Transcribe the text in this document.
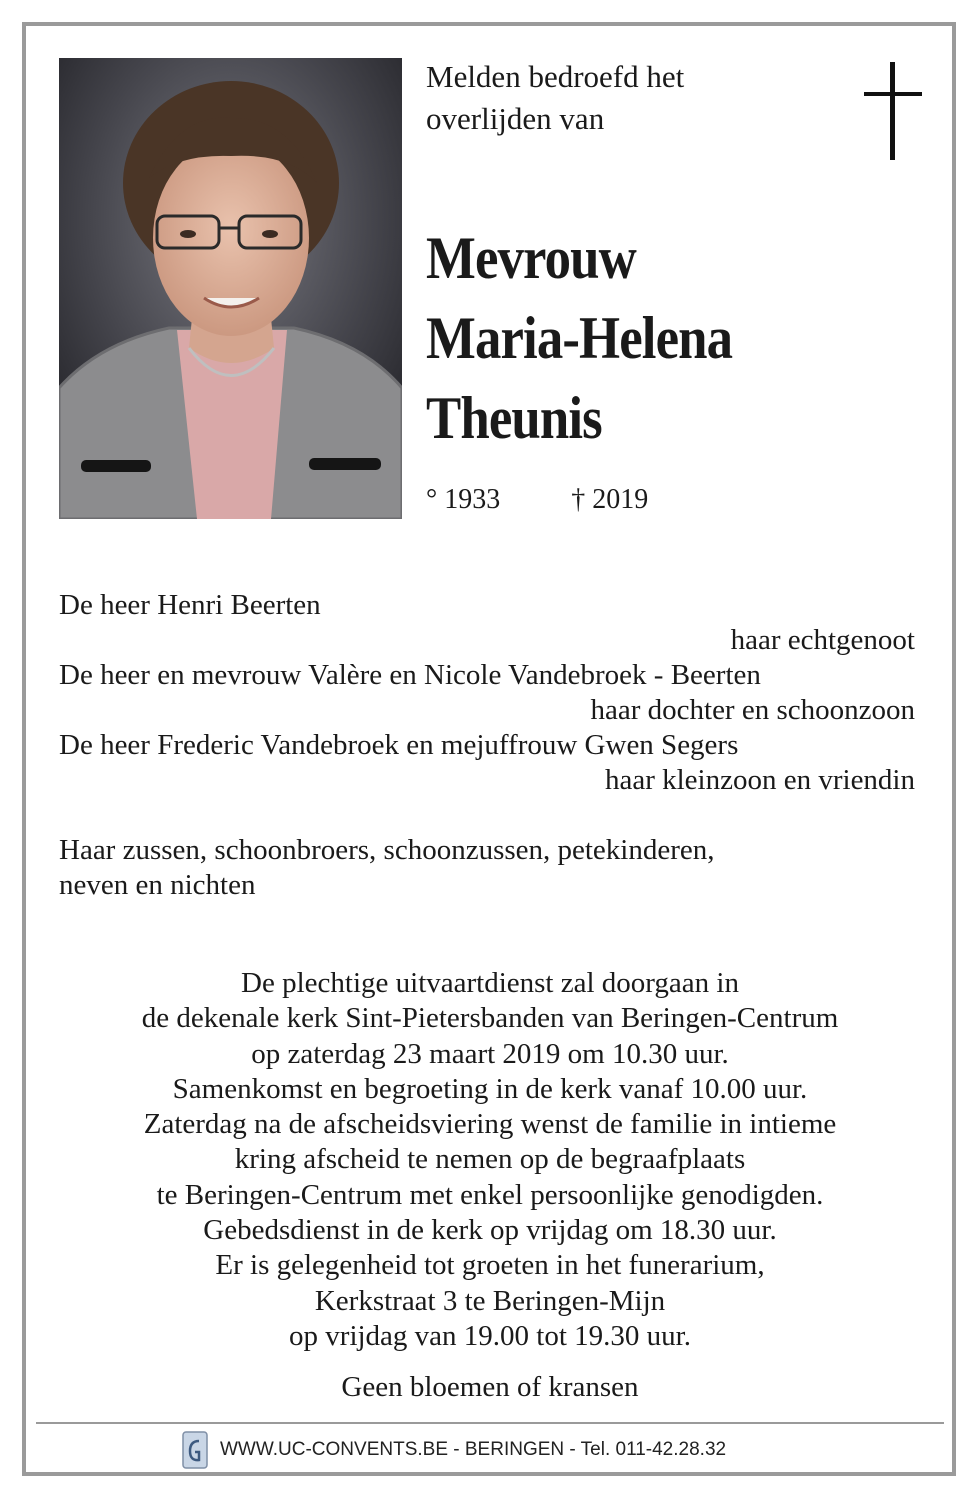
Melden bedroefd het
overlijden van

Mevrouw
Maria-Helena
Theunis
° 1933	† 2019
De heer Henri Beerten
haar echtgenoot
De heer en mevrouw Valère en Nicole Vandebroek - Beerten
haar dochter en schoonzoon
De heer Frederic Vandebroek en mejuffrouw Gwen Segers
haar kleinzoon en vriendin
Haar zussen, schoonbroers, schoonzussen, petekinderen,
neven en nichten
De plechtige uitvaartdienst zal doorgaan in
de dekenale kerk Sint-Pietersbanden van Beringen-Centrum
op zaterdag 23 maart 2019 om 10.30 uur.
Samenkomst en begroeting in de kerk vanaf 10.00 uur.
Zaterdag na de afscheidsviering wenst de familie in intieme
kring afscheid te nemen op de begraafplaats
te Beringen-Centrum met enkel persoonlijke genodigden.
Gebedsdienst in de kerk op vrijdag om 18.30 uur.
Er is gelegenheid tot groeten in het funerarium,
Kerkstraat 3 te Beringen-Mijn
op vrijdag van 19.00 tot 19.30 uur.
Geen bloemen of kransen
WWW.UC-CONVENTS.BE - BERINGEN - Tel. 011-42.28.32
